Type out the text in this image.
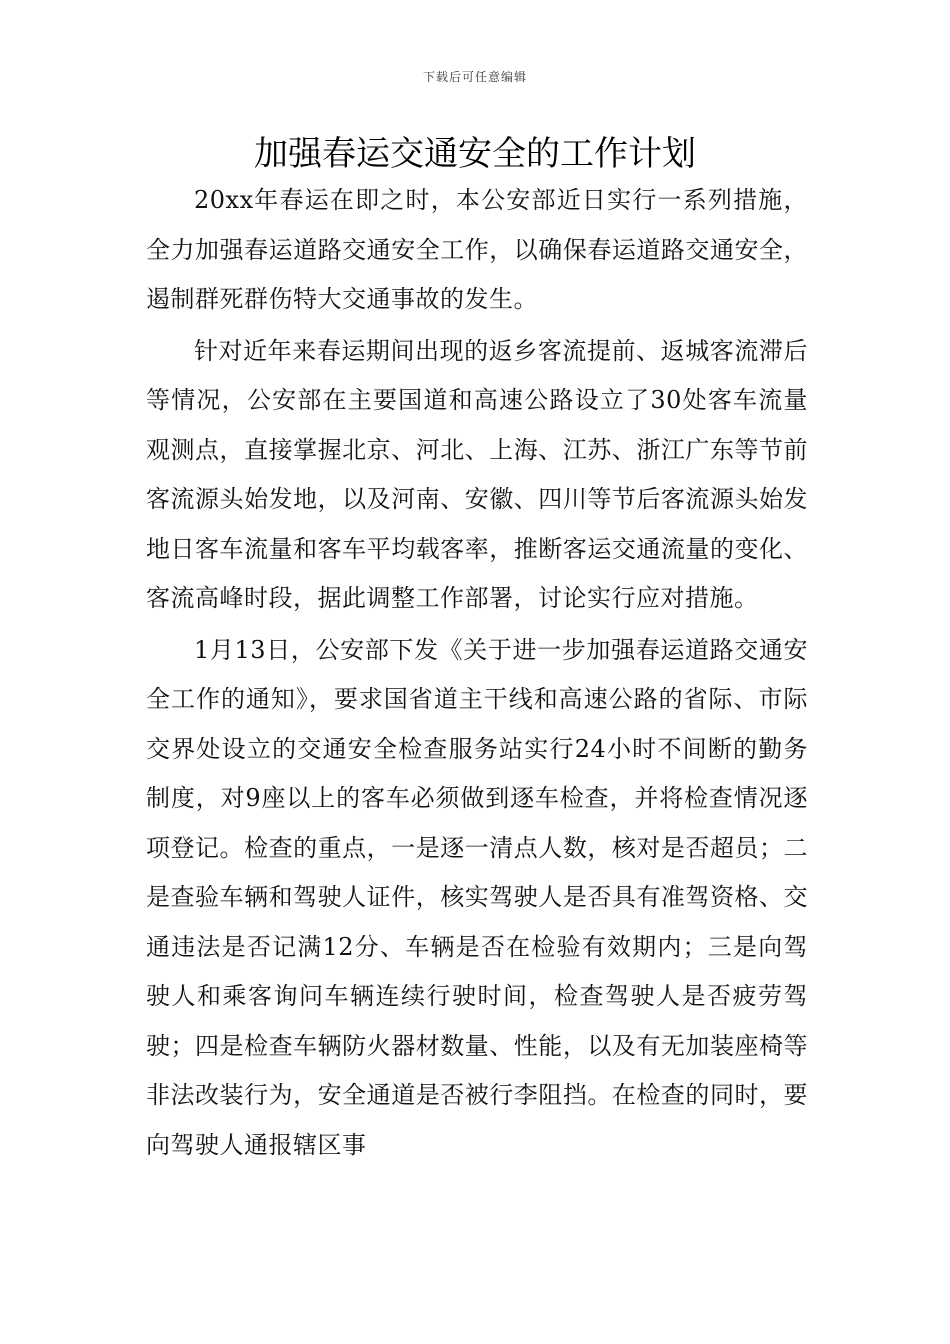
下载后可任意编辑
加强春运交通安全的工作计划

20xx年春运在即之时，本公安部近日实行一系列措施，全力加强春运道路交通安全工作，以确保春运道路交通安全，遏制群死群伤特大交通事故的发生。

针对近年来春运期间出现的返乡客流提前、返城客流滞后等情况，公安部在主要国道和高速公路设立了30处客车流量观测点，直接掌握北京、河北、上海、江苏、浙江广东等节前客流源头始发地，以及河南、安徽、四川等节后客流源头始发地日客车流量和客车平均载客率，推断客运交通流量的变化、客流高峰时段，据此调整工作部署，讨论实行应对措施。

1月13日，公安部下发《关于进一步加强春运道路交通安全工作的通知》，要求国省道主干线和高速公路的省际、市际交界处设立的交通安全检查服务站实行24小时不间断的勤务制度，对9座以上的客车必须做到逐车检查，并将检查情况逐项登记。检查的重点，一是逐一清点人数，核对是否超员；二是查验车辆和驾驶人证件，核实驾驶人是否具有准驾资格、交通违法是否记满12分、车辆是否在检验有效期内；三是向驾驶人和乘客询问车辆连续行驶时间，检查驾驶人是否疲劳驾驶；四是检查车辆防火器材数量、性能，以及有无加装座椅等非法改装行为，安全通道是否被行李阻挡。在检查的同时，要向驾驶人通报辖区事
